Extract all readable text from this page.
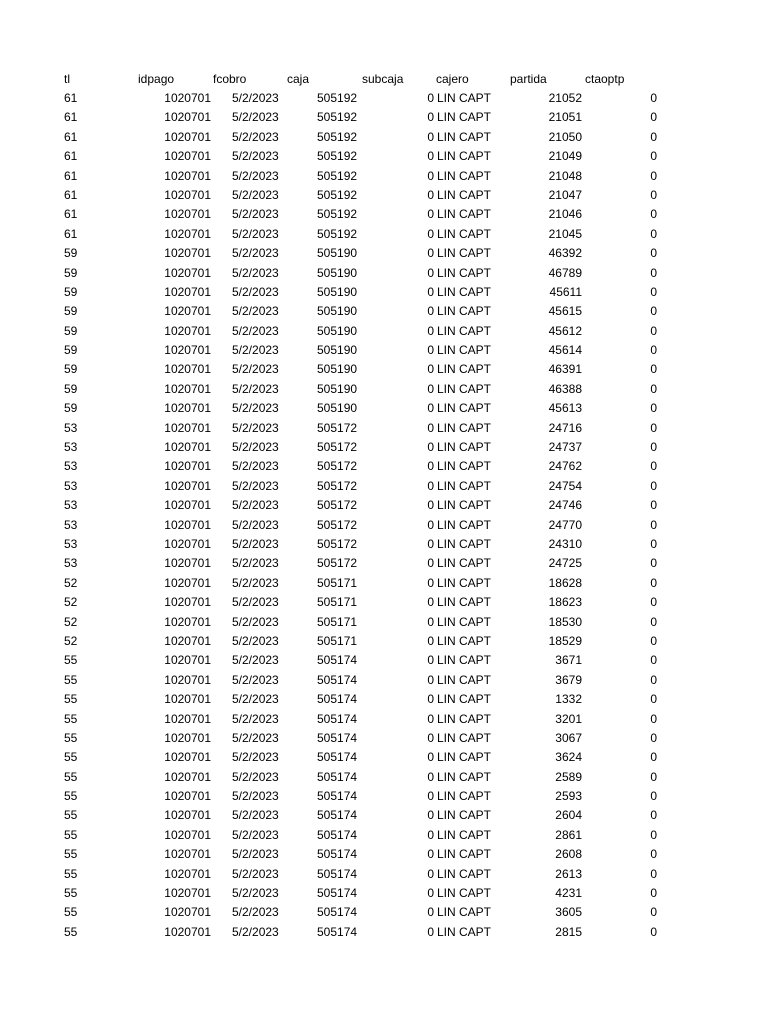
tl	idpago	fcobro	caja	subcaja	cajero	partida	ctaoptp
61	1020701 5/2/2023	505192	0 LIN CAPT	21052	0
61	1020701 5/2/2023	505192	0 LIN CAPT	21051	0
61	1020701 5/2/2023	505192	0 LIN CAPT	21050	0
61	1020701 5/2/2023	505192	0 LIN CAPT	21049	0
61	1020701 5/2/2023	505192	0 LIN CAPT	21048	0
61	1020701 5/2/2023	505192	0 LIN CAPT	21047	0
61	1020701 5/2/2023	505192	0 LIN CAPT	21046	0
61	1020701 5/2/2023	505192	0 LIN CAPT	21045	0
59	1020701 5/2/2023	505190	0 LIN CAPT	46392	0
59	1020701 5/2/2023	505190	0 LIN CAPT	46789	0
59	1020701 5/2/2023	505190	0 LIN CAPT	45611	0
59	1020701 5/2/2023	505190	0 LIN CAPT	45615	0
59	1020701 5/2/2023	505190	0 LIN CAPT	45612	0
59	1020701 5/2/2023	505190	0 LIN CAPT	45614	0
59	1020701 5/2/2023	505190	0 LIN CAPT	46391	0
59	1020701 5/2/2023	505190	0 LIN CAPT	46388	0
59	1020701 5/2/2023	505190	0 LIN CAPT	45613	0
53	1020701 5/2/2023	505172	0 LIN CAPT	24716	0
53	1020701 5/2/2023	505172	0 LIN CAPT	24737	0
53	1020701 5/2/2023	505172	0 LIN CAPT	24762	0
53	1020701 5/2/2023	505172	0 LIN CAPT	24754	0
53	1020701 5/2/2023	505172	0 LIN CAPT	24746	0
53	1020701 5/2/2023	505172	0 LIN CAPT	24770	0
53	1020701 5/2/2023	505172	0 LIN CAPT	24310	0
53	1020701 5/2/2023	505172	0 LIN CAPT	24725	0
52	1020701 5/2/2023	505171	0 LIN CAPT	18628	0
52	1020701 5/2/2023	505171	0 LIN CAPT	18623	0
52	1020701 5/2/2023	505171	0 LIN CAPT	18530	0
52	1020701 5/2/2023	505171	0 LIN CAPT	18529	0
55	1020701 5/2/2023	505174	0 LIN CAPT	3671	0
55	1020701 5/2/2023	505174	0 LIN CAPT	3679	0
55	1020701 5/2/2023	505174	0 LIN CAPT	1332	0
55	1020701 5/2/2023	505174	0 LIN CAPT	3201	0
55	1020701 5/2/2023	505174	0 LIN CAPT	3067	0
55	1020701 5/2/2023	505174	0 LIN CAPT	3624	0
55	1020701 5/2/2023	505174	0 LIN CAPT	2589	0
55	1020701 5/2/2023	505174	0 LIN CAPT	2593	0
55	1020701 5/2/2023	505174	0 LIN CAPT	2604	0
55	1020701 5/2/2023	505174	0 LIN CAPT	2861	0
55	1020701 5/2/2023	505174	0 LIN CAPT	2608	0
55	1020701 5/2/2023	505174	0 LIN CAPT	2613	0
55	1020701 5/2/2023	505174	0 LIN CAPT	4231	0
55	1020701 5/2/2023	505174	0 LIN CAPT	3605	0
55	1020701 5/2/2023	505174	0 LIN CAPT	2815	0
